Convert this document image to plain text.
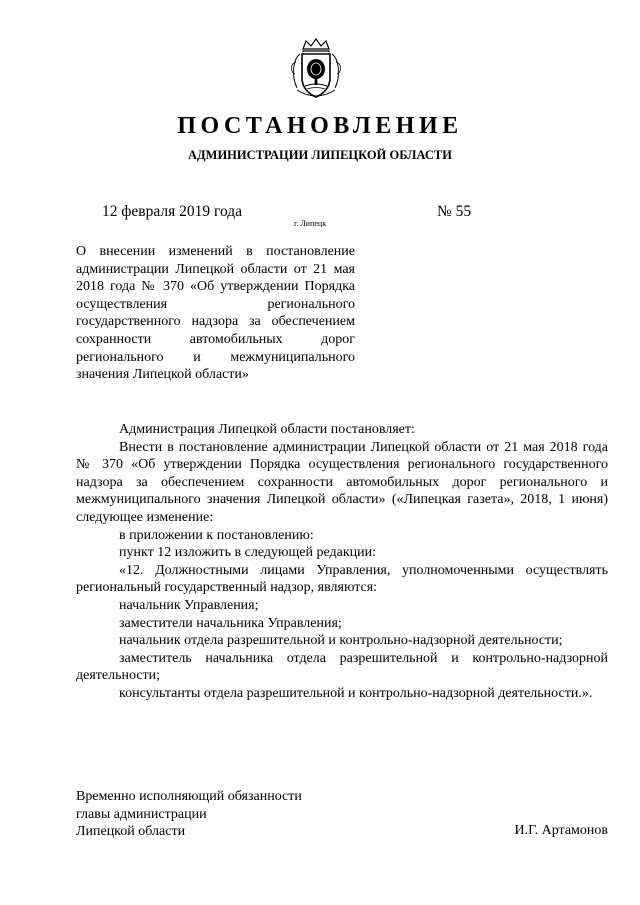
ПОСТАНОВЛЕНИЕ
АДМИНИСТРАЦИИ ЛИПЕЦКОЙ ОБЛАСТИ
12 февраля 2019 года
г. Липецк
№ 55

О внесении изменений в постановление администрации Липецкой области от 21 мая 2018 года № 370 «Об утверждении Порядка осуществления регионального государственного надзора за обеспечением сохранности автомобильных дорог регионального и межмуниципального значения Липецкой области»

Администрация Липецкой области постановляет:

Внести в постановление администрации Липецкой области от 21 мая 2018 года № 370 «Об утверждении Порядка осуществления регионального государственного надзора за обеспечением сохранности автомобильных дорог регионального и межмуниципального значения Липецкой области» («Липецкая газета», 2018, 1 июня) следующее изменение:

в приложении к постановлению:

пункт 12 изложить в следующей редакции:

«12. Должностными лицами Управления, уполномоченными осуществлять региональный государственный надзор, являются:

начальник Управления;

заместители начальника Управления;

начальник отдела разрешительной и контрольно-надзорной деятельности;

заместитель начальника отдела разрешительной и контрольно-надзорной деятельности;

консультанты отдела разрешительной и контрольно-надзорной деятельности.».

Временно исполняющий обязанности
главы администрации
Липецкой области	И.Г. Артамонов
